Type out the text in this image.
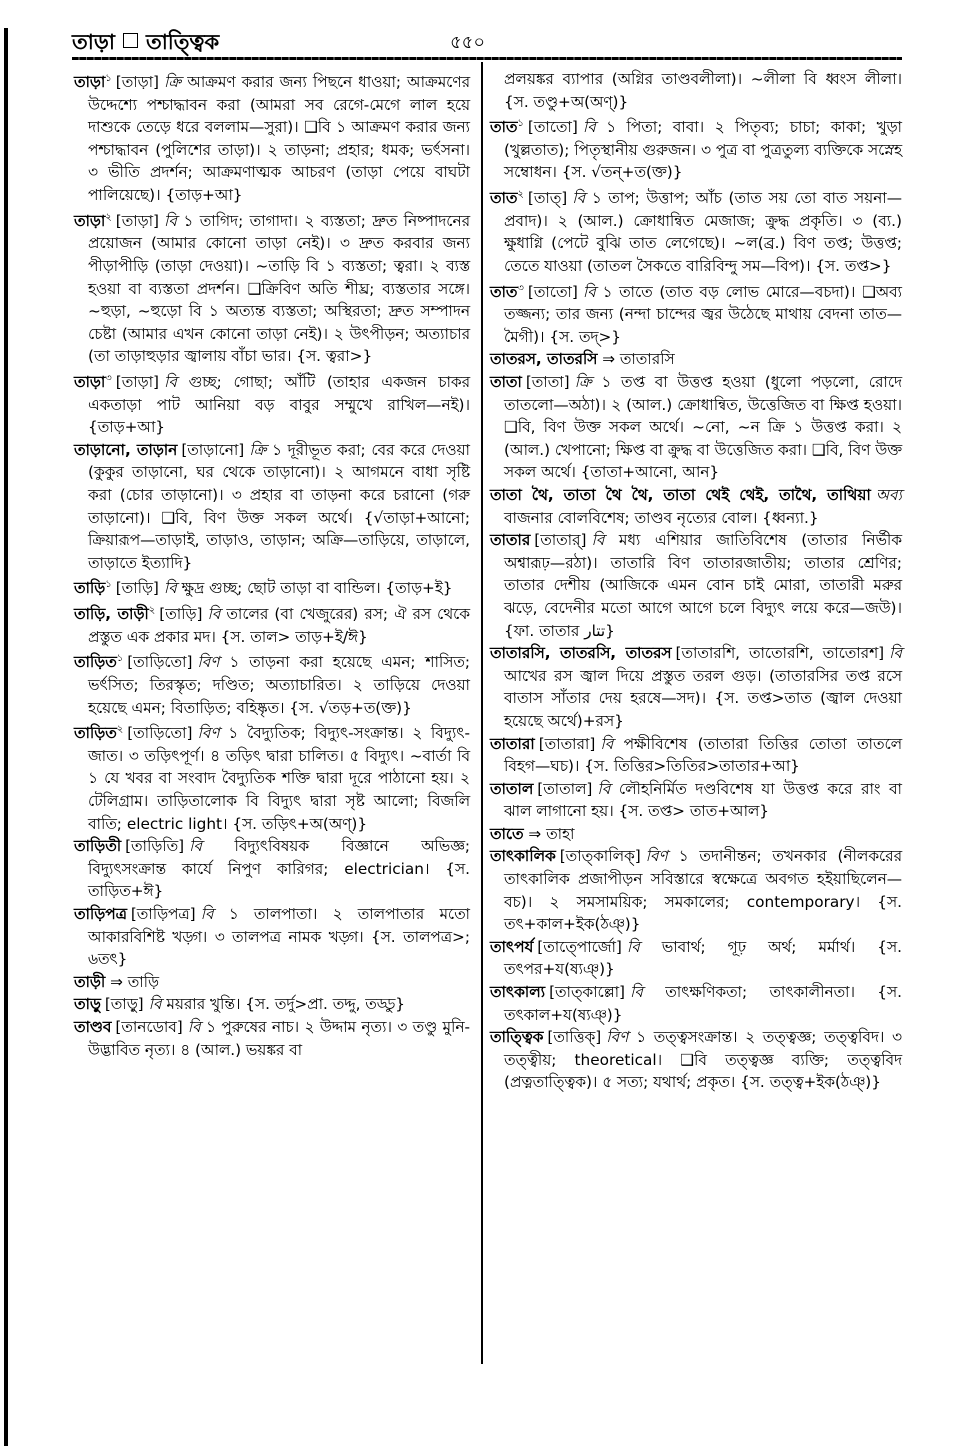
তাড়া তাত্ত্বিক	৫৫০

তাড়া$^১$ [তাড়া] ক্রি আক্রমণ করার জন্য পিছনে ধাওয়া; আক্রমণের উদ্দেশ্যে পশ্চাদ্ধাবন করা (আমরা সব রেগে-মেগে লাল হয়ে দাশুকে তেড়ে ধরে বললাম—সুরা)। ❑বি ১ আক্রমণ করার জন্য পশ্চাদ্ধাবন (পুলিশের তাড়া)। ২ তাড়না; প্রহার; ধমক; ভর্ৎসনা। ৩ ভীতি প্রদর্শন; আক্রমণাত্মক আচরণ (তাড়া পেয়ে বাঘটা পালিয়েছে)। {তাড়+আ}

তাড়া$^২$ [তাড়া] বি ১ তাগিদ; তাগাদা। ২ ব্যস্ততা; দ্রুত নিষ্পাদনের প্রয়োজন (আমার কোনো তাড়া নেই)। ৩ দ্রুত করবার জন্য পীড়াপীড়ি (তাড়া দেওয়া)। ~তাড়ি বি ১ ব্যস্ততা; ত্বরা। ২ ব্যস্ত হওয়া বা ব্যস্ততা প্রদর্শন। ❑ক্রিবিণ অতি শীঘ্র; ব্যস্ততার সঙ্গে। ~হুড়া, ~হুড়ো বি ১ অত্যন্ত ব্যস্ততা; অস্থিরতা; দ্রুত সম্পাদন চেষ্টা (আমার এখন কোনো তাড়া নেই)। ২ উৎপীড়ন; অত্যাচার (তা তাড়াহুড়ার জ্বালায় বাঁচা ভার। {স. ত্বরা>}

তাড়া$^৩$ [তাড়া] বি গুচ্ছ; গোছা; আঁটি (তাহার একজন চাকর একতাড়া পাট আনিয়া বড় বাবুর সম্মুখে রাখিল—নই)। {তাড়+আ}

তাড়ানো, তাড়ান [তাড়ানো] ক্রি ১ দূরীভূত করা; বের করে দেওয়া (কুকুর তাড়ানো, ঘর থেকে তাড়ানো)। ২ আগমনে বাধা সৃষ্টি করা (চোর তাড়ানো)। ৩ প্রহার বা তাড়না করে চরানো (গরু তাড়ানো)। ❑বি, বিণ উক্ত সকল অর্থে। {√তাড়া+আনো; ক্রিয়ারূপ—তাড়াই, তাড়াও, তাড়ান; অক্রি—তাড়িয়ে, তাড়ালে, তাড়াতে ইত্যাদি}

তাড়ি$^১$ [তাড়ি] বি ক্ষুদ্র গুচ্ছ; ছোট তাড়া বা বান্ডিল। {তাড়+ই}

তাড়ি, তাড়ী$^২$ [তাড়ি] বি তালের (বা খেজুরের) রস; ঐ রস থেকে প্রস্তুত এক প্রকার মদ। {স. তাল> তাড়+ই/ঈ}

তাড়িত$^১$ [তাড়িতো] বিণ ১ তাড়না করা হয়েছে এমন; শাসিত; ভর্ৎসিত; তিরস্কৃত; দণ্ডিত; অত্যাচারিত। ২ তাড়িয়ে দেওয়া হয়েছে এমন; বিতাড়িত; বহিষ্কৃত। {স. √তড়+ত(ক্ত)}

তাড়িত$^২$ [তাড়িতো] বিণ ১ বৈদ্যুতিক; বিদ্যুৎ-সংক্রান্ত। ২ বিদ্যুৎ-জাত। ৩ তড়িৎপূর্ণ। ৪ তড়িৎ দ্বারা চালিত। ৫ বিদ্যুৎ। ~বার্তা বি ১ যে খবর বা সংবাদ বৈদ্যুতিক শক্তি দ্বারা দূরে পাঠানো হয়। ২ টেলিগ্রাম। তাড়িতালোক বি বিদ্যুৎ দ্বারা সৃষ্ট আলো; বিজলি বাতি; electric light। {স. তড়িৎ+অ(অণ্)}

তাড়িতী [তাড়িতি] বি বিদ্যুৎবিষয়ক বিজ্ঞানে অভিজ্ঞ; বিদ্যুৎসংক্রান্ত কার্যে নিপুণ কারিগর; electrician। {স. তাড়িত+ঈ}

তাড়িপত্র [তাড়িপত্র] বি ১ তালপাতা। ২ তালপাতার মতো আকারবিশিষ্ট খড়্গ। ৩ তালপত্র নামক খড়্গ। {স. তালপত্র>; ৬তৎ}

তাড়ী ⇒ তাড়ি

তাড়ু [তাড়ু] বি ময়রার খুন্তি। {স. তর্দু>প্রা. তদ্দু, তড্ডু}

তাণ্ডব [তানডোব] বি ১ পুরুষের নাচ। ২ উদ্দাম নৃত্য। ৩ তণ্ডু মুনি-উদ্ভাবিত নৃত্য। ৪ (আল.) ভয়ঙ্কর বা

প্রলয়ঙ্কর ব্যাপার (অগ্নির তাণ্ডবলীলা)। ~লীলা বি ধ্বংস লীলা। {স. তণ্ডু+অ(অণ্)}

তাত$^১$ [তাতো] বি ১ পিতা; বাবা। ২ পিতৃব্য; চাচা; কাকা; খুড়া (খুল্লতাত); পিতৃস্থানীয় গুরুজন। ৩ পুত্র বা পুত্রতুল্য ব্যক্তিকে সস্নেহ সম্বোধন। {স. √তন্+ত(ক্ত)}

তাত$^২$ [তাত্] বি ১ তাপ; উত্তাপ; আঁচ (তাত সয় তো বাত সয়না—প্রবাদ)। ২ (আল.) ক্রোধান্বিত মেজাজ; ক্রুদ্ধ প্রকৃতি। ৩ (ব্য.) ক্ষুধাগ্নি (পেটে বুঝি তাত লেগেছে)। ~ল(ব্র.) বিণ তপ্ত; উত্তপ্ত; তেতে যাওয়া (তাতল সৈকতে বারিবিন্দু সম—বিপ)। {স. তপ্ত>}

তাত$^৩$ [তাতো] বি ১ তাতে (তাত বড় লোভ মোরে—বচদা)। ❑অব্য তজ্জন্য; তার জন্য (নন্দা চান্দের জ্বর উঠেছে মাথায় বেদনা তাত—মৈগী)। {স. তদ্>}

তাতরস, তাতরসি ⇒ তাতারসি

তাতা [তাতা] ক্রি ১ তপ্ত বা উত্তপ্ত হওয়া (ধুলো পড়লো, রোদে তাতলো—অঠা)। ২ (আল.) ক্রোধান্বিত, উত্তেজিত বা ক্ষিপ্ত হওয়া। ❑বি, বিণ উক্ত সকল অর্থে। ~নো, ~ন ক্রি ১ উত্তপ্ত করা। ২ (আল.) খেপানো; ক্ষিপ্ত বা ক্রুদ্ধ বা উত্তেজিত করা। ❑বি, বিণ উক্ত সকল অর্থে। {তাতা+আনো, আন}

তাতা থৈ, তাতা থৈ থৈ, তাতা থেই থেই, তাথৈ, তাথিয়া অব্য বাজনার বোলবিশেষ; তাণ্ডব নৃত্যের বোল। {ধ্বন্যা.}

তাতার [তাতার্] বি মধ্য এশিয়ার জাতিবিশেষ (তাতার নির্ভীক অশ্বারূঢ়—রঠা)। তাতারি বিণ তাতারজাতীয়; তাতার শ্রেণির; তাতার দেশীয় (আজিকে এমন বোন চাই মোরা, তাতারী মরুর ঝড়ে, বেদেনীর মতো আগে আগে চলে বিদ্যুৎ লয়ে করে—জউ)। {ফা. তাতার تتار}

তাতারসি, তাতরসি, তাতরস [তাতারশি, তাতোরশি, তাতোরশ] বি আখের রস জ্বাল দিয়ে প্রস্তুত তরল গুড়। (তাতারসির তপ্ত রসে বাতাস সাঁতার দেয় হরষে—সদ)। {স. তপ্ত>তাত (জ্বাল দেওয়া হয়েছে অর্থে)+রস}

তাতারা [তাতারা] বি পক্ষীবিশেষ (তাতারা তিত্তির তোতা তাতলে বিহগ—ঘচ)। {স. তিত্তির>তিতির>তাতার+আ}

তাতাল [তাতাল] বি লৌহনির্মিত দণ্ডবিশেষ যা উত্তপ্ত করে রাং বা ঝাল লাগানো হয়। {স. তপ্ত> তাত+আল}

তাতে ⇒ তাহা

তাৎকালিক [তাত্কালিক্] বিণ ১ তদানীন্তন; তখনকার (নীলকরের তাৎকালিক প্রজাপীড়ন সবিস্তারে স্বক্ষেত্রে অবগত হইয়াছিলেন—বচ)। ২ সমসাময়িক; সমকালের; contemporary। {স. তৎ+কাল+ইক(ঠঞ্)}

তাৎপর্য [তাত্পোর্জো] বি ভাবার্থ; গূঢ় অর্থ; মর্মার্থ। {স. তৎপর+য(ষ্যঞ্)}

তাৎকাল্য [তাত্কাল্লো] বি তাৎক্ষণিকতা; তাৎকালীনতা। {স. তৎকাল+য(ষ্যঞ্)}

তাত্ত্বিক [তাত্তিক্] বিণ ১ তত্ত্বসংক্রান্ত। ২ তত্ত্বজ্ঞ; তত্ত্ববিদ। ৩ তত্ত্বীয়; theoretical। ❑বি তত্ত্বজ্ঞ ব্যক্তি; তত্ত্ববিদ (প্রত্নতাত্ত্বিক)। ৫ সত্য; যথার্থ; প্রকৃত। {স. তত্ত্ব+ইক(ঠঞ্)}
